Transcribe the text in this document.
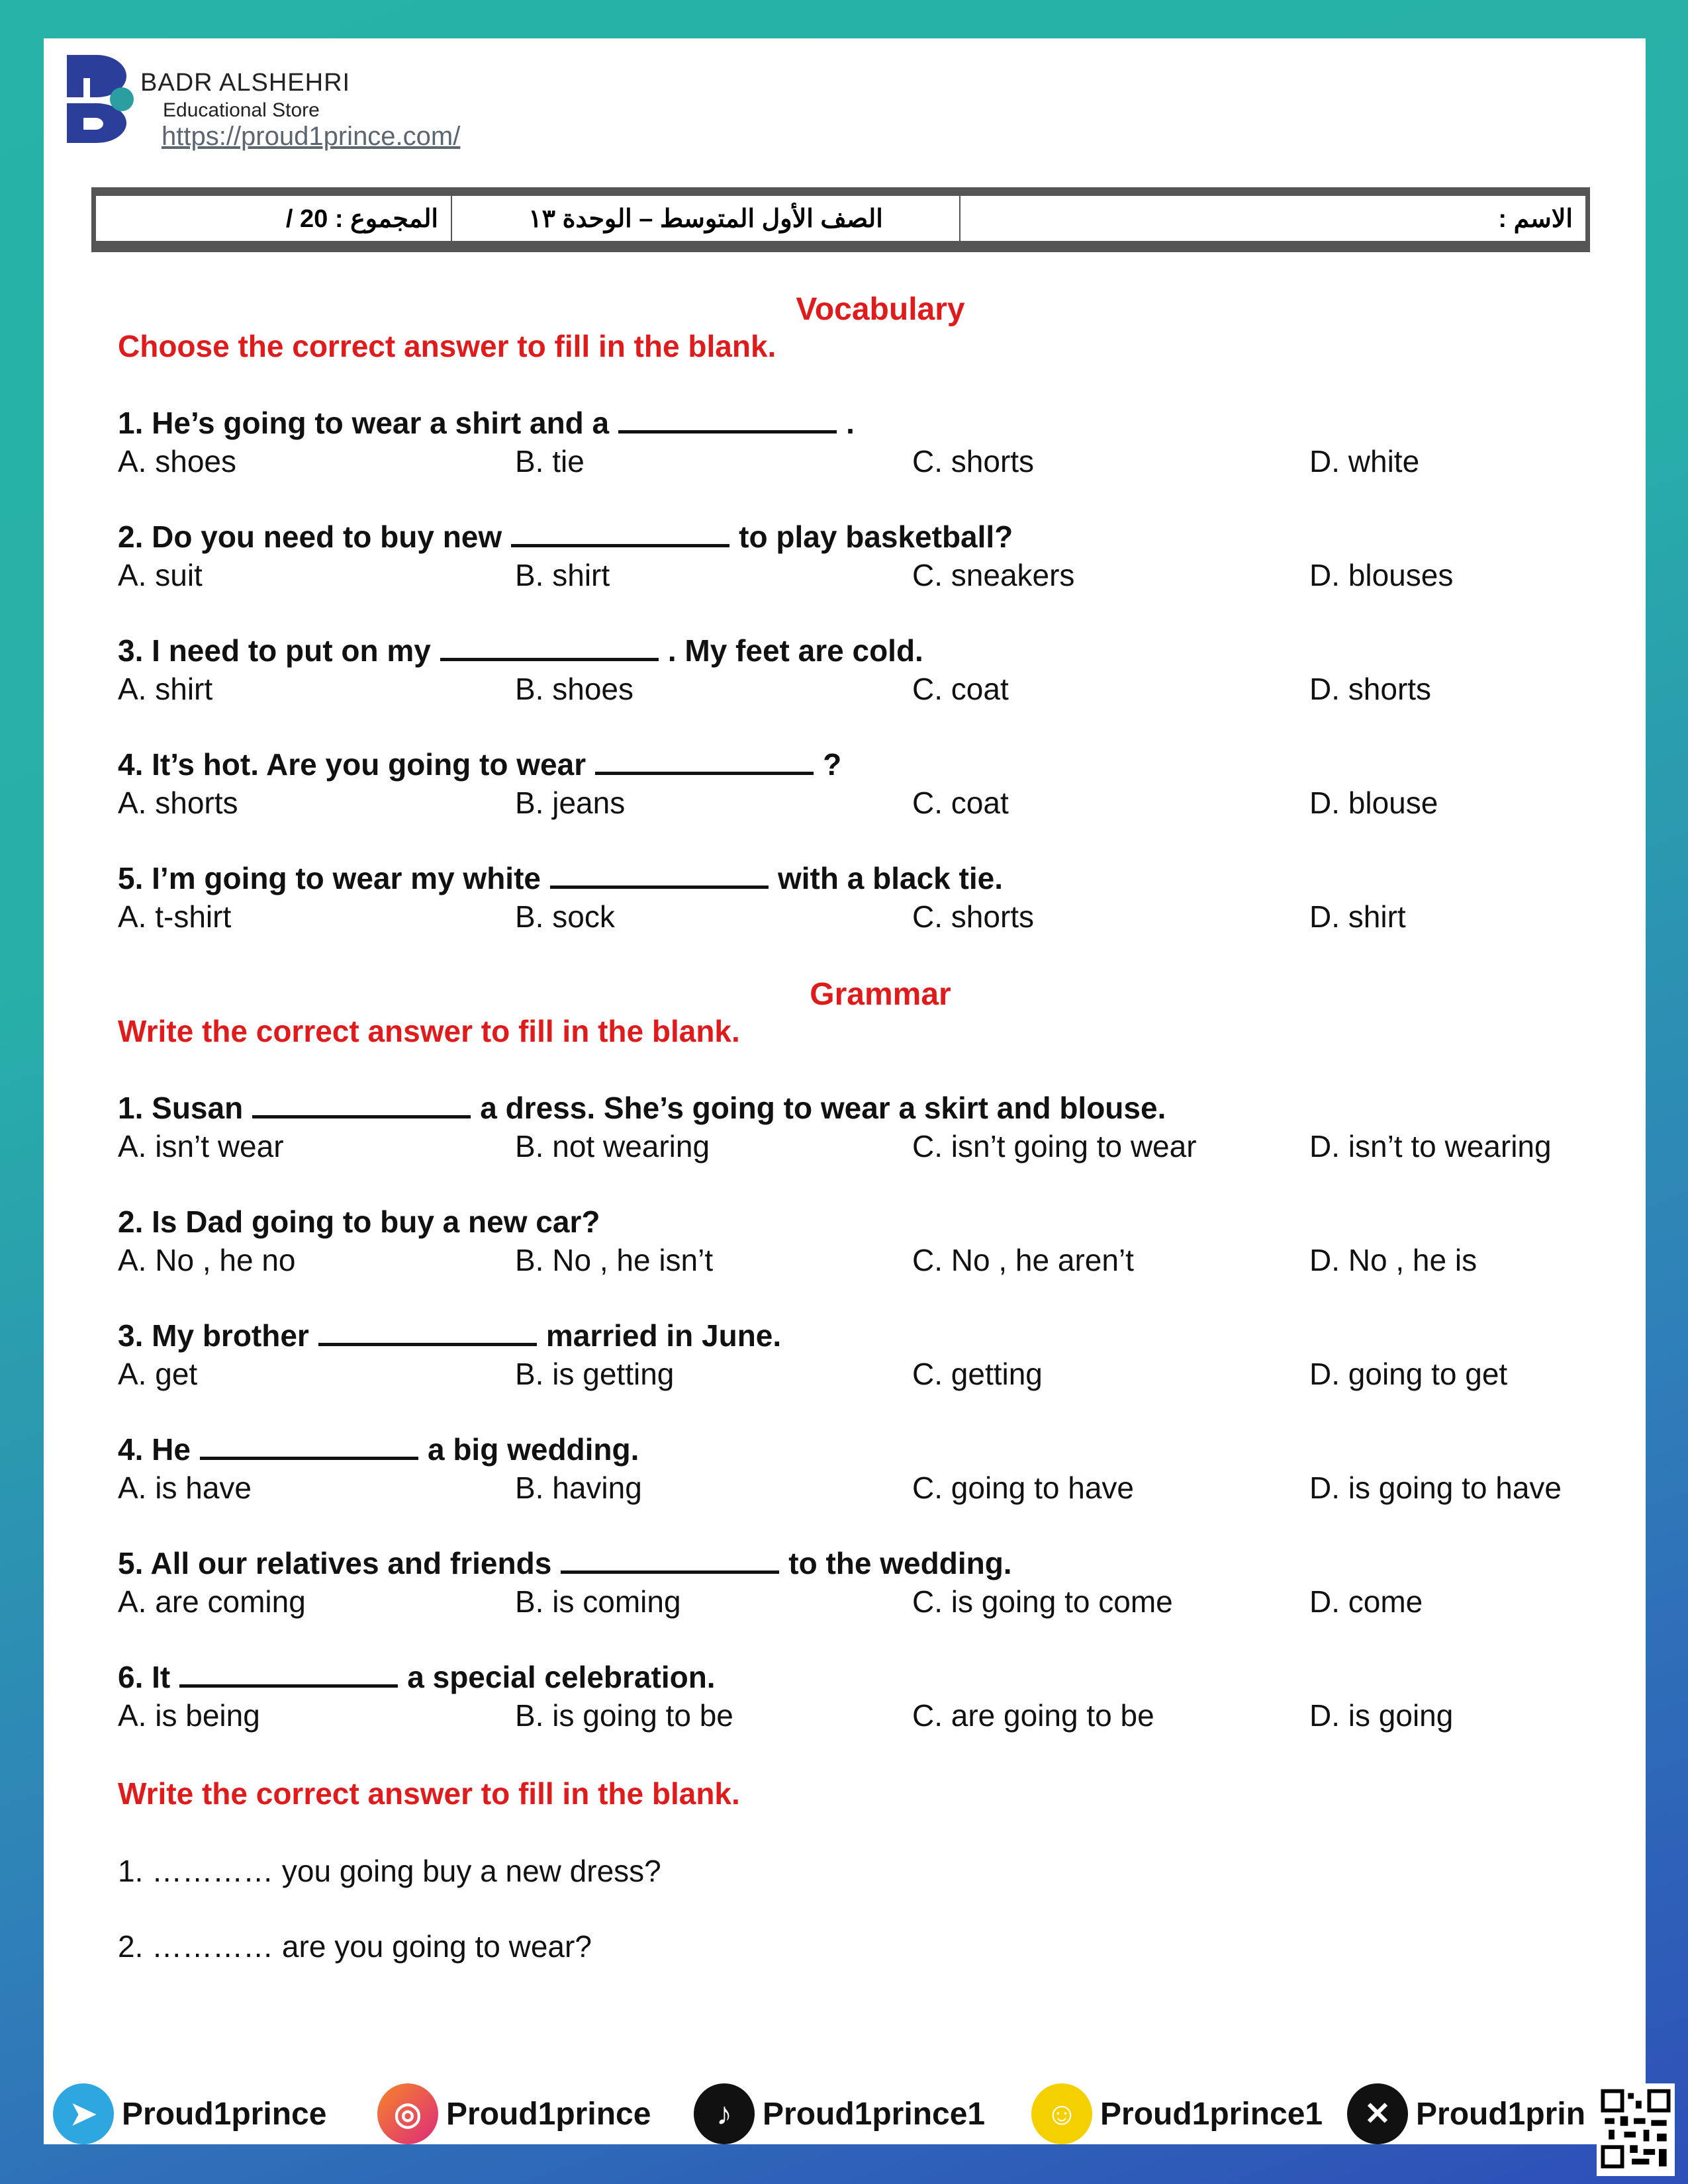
BADR ALSHEHRI
Educational Store
https://proud1prince.com/
المجموع : 20 /	الصف الأول المتوسط – الوحدة ١٣	الاسم :
Vocabulary
Choose the correct answer to fill in the blank.
1. He’s going to wear a shirt and a	.
A. shoes	B. tie	C. shorts	D. white
2. Do you need to buy new	to play basketball?
A. suit	B. shirt	C. sneakers	D. blouses
3. I need to put on my	. My feet are cold.
A. shirt	B. shoes	C. coat	D. shorts
4. It’s hot. Are you going to wear	?
A. shorts	B. jeans	C. coat	D. blouse
5. I’m going to wear my white	with a black tie.
A. t-shirt	B. sock	C. shorts	D. shirt
Grammar
Write the correct answer to fill in the blank.
1. Susan	a dress. She’s going to wear a skirt and blouse.
A. isn’t wear	B. not wearing	C. isn’t going to wear	D. isn’t to wearing
2. Is Dad going to buy a new car?
A. No , he no	B. No , he isn’t	C. No , he aren’t	D. No , he is
3. My brother	married in June.
A. get	B. is getting	C. getting	D. going to get
4. He	a big wedding.
A. is have	B. having	C. going to have	D. is going to have
5. All our relatives and friends	to the wedding.
A. are coming	B. is coming	C. is going to come	D. come
6. It	a special celebration.
A. is being	B. is going to be	C. are going to be	D. is going
Write the correct answer to fill in the blank.
1. ………… you going buy a new dress?
2. ………… are you going to wear?
➤ Proud1prince	◎ Proud1prince	♪ Proud1prince1	☺ Proud1prince1	✕ Proud1prin
